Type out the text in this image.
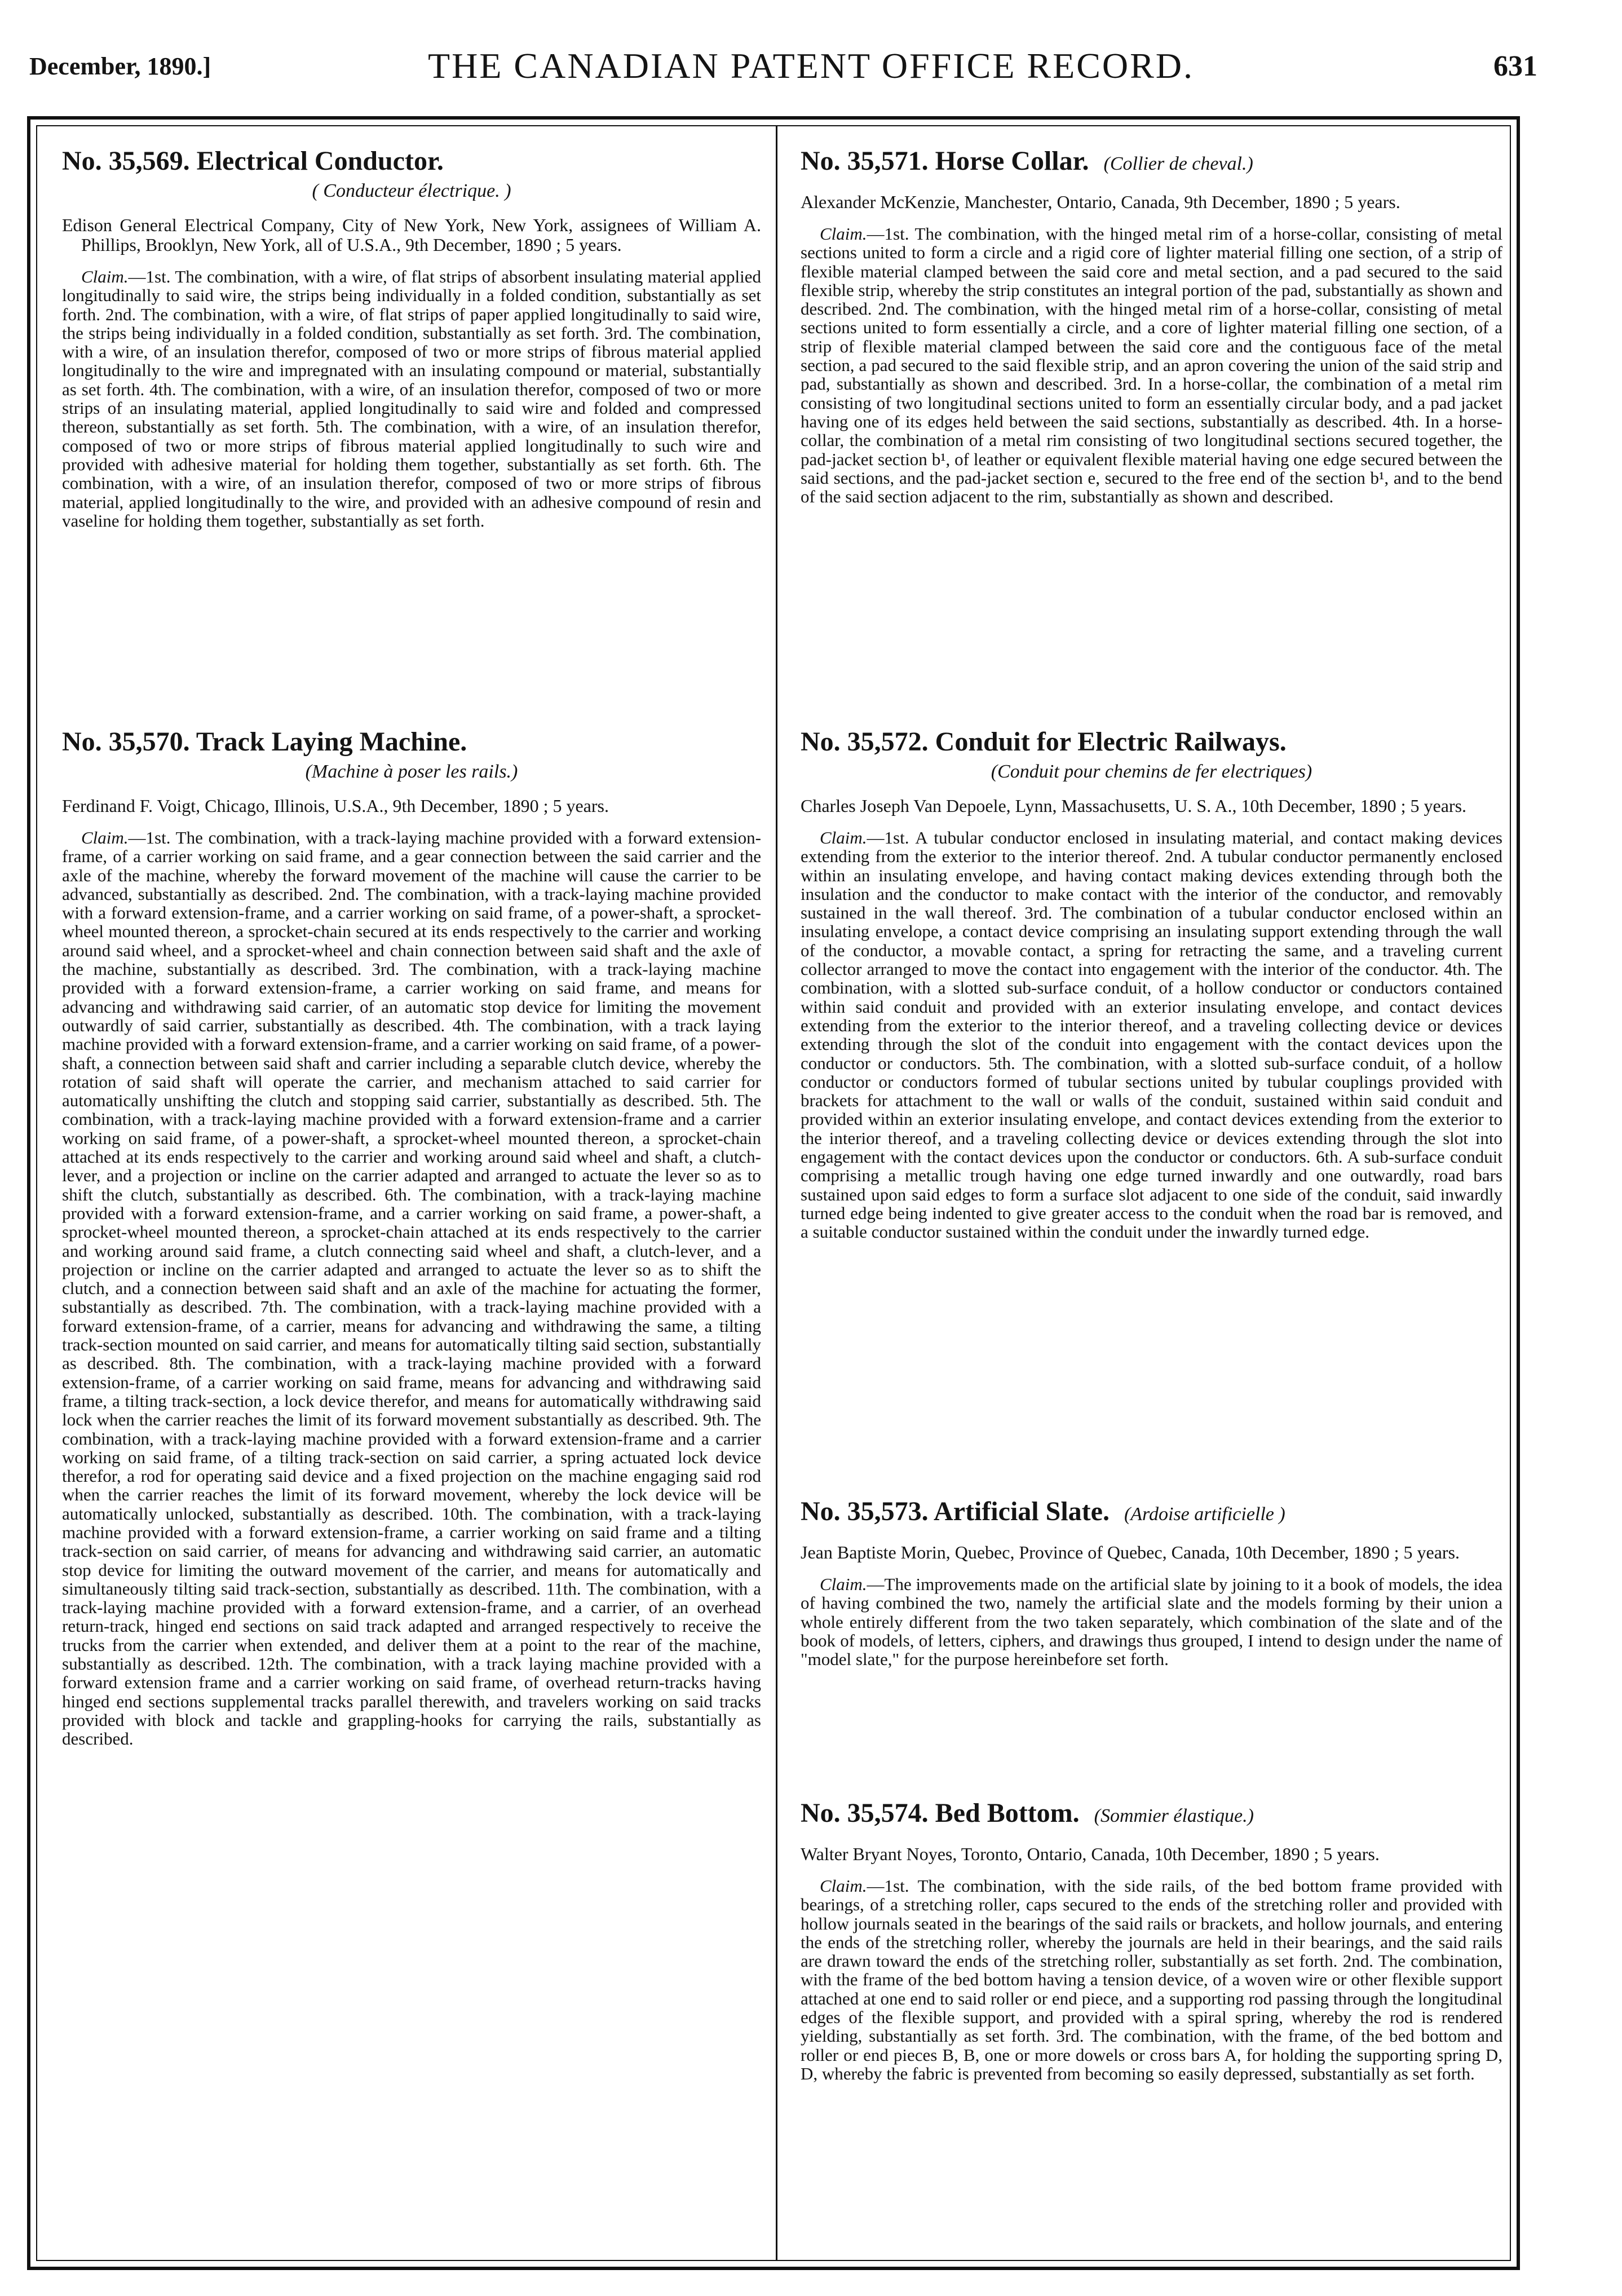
December, 1890.]	THE CANADIAN PATENT OFFICE RECORD.	631
No. 35,569. Electrical Conductor.
( Conducteur électrique. )
Edison General Electrical Company, City of New York, New York, assignees of William A. Phillips, Brooklyn, New York, all of U.S.A., 9th December, 1890 ; 5 years.
Claim.—1st. The combination, with a wire, of flat strips of absorbent insulating material applied longitudinally to said wire, the strips being individually in a folded condition, substantially as set forth. 2nd. The combination, with a wire, of flat strips of paper applied longitudinally to said wire, the strips being individually in a folded condition, substantially as set forth. 3rd. The combination, with a wire, of an insulation therefor, composed of two or more strips of fibrous material applied longitudinally to the wire and impregnated with an insulating compound or material, substantially as set forth. 4th. The combination, with a wire, of an insulation therefor, composed of two or more strips of an insulating material, applied longitudinally to said wire and folded and compressed thereon, substantially as set forth. 5th. The combination, with a wire, of an insulation therefor, composed of two or more strips of fibrous material applied longitudinally to such wire and provided with adhesive material for holding them together, substantially as set forth. 6th. The combination, with a wire, of an insulation therefor, composed of two or more strips of fibrous material, applied longitudinally to the wire, and provided with an adhesive compound of resin and vaseline for holding them together, substantially as set forth.
No. 35,570. Track Laying Machine.
(Machine à poser les rails.)
Ferdinand F. Voigt, Chicago, Illinois, U.S.A., 9th December, 1890 ; 5 years.
Claim.—1st. The combination, with a track-laying machine provided with a forward extension-frame, of a carrier working on said frame, and a gear connection between the said carrier and the axle of the machine, whereby the forward movement of the machine will cause the carrier to be advanced, substantially as described. 2nd. The combination, with a track-laying machine provided with a forward extension-frame, and a carrier working on said frame, of a power-shaft, a sprocket-wheel mounted thereon, a sprocket-chain secured at its ends respectively to the carrier and working around said wheel, and a sprocket-wheel and chain connection between said shaft and the axle of the machine, substantially as described. 3rd. The combination, with a track-laying machine provided with a forward extension-frame, a carrier working on said frame, and means for advancing and withdrawing said carrier, of an automatic stop device for limiting the movement outwardly of said carrier, substantially as described. 4th. The combination, with a track laying machine provided with a forward extension-frame, and a carrier working on said frame, of a power-shaft, a connection between said shaft and carrier including a separable clutch device, whereby the rotation of said shaft will operate the carrier, and mechanism attached to said carrier for automatically unshifting the clutch and stopping said carrier, substantially as described. 5th. The combination, with a track-laying machine provided with a forward extension-frame and a carrier working on said frame, of a power-shaft, a sprocket-wheel mounted thereon, a sprocket-chain attached at its ends respectively to the carrier and working around said wheel and shaft, a clutch-lever, and a projection or incline on the carrier adapted and arranged to actuate the lever so as to shift the clutch, substantially as described. 6th. The combination, with a track-laying machine provided with a forward extension-frame, and a carrier working on said frame, a power-shaft, a sprocket-wheel mounted thereon, a sprocket-chain attached at its ends respectively to the carrier and working around said frame, a clutch connecting said wheel and shaft, a clutch-lever, and a projection or incline on the carrier adapted and arranged to actuate the lever so as to shift the clutch, and a connection between said shaft and an axle of the machine for actuating the former, substantially as described. 7th. The combination, with a track-laying machine provided with a forward extension-frame, of a carrier, means for advancing and withdrawing the same, a tilting track-section mounted on said carrier, and means for automatically tilting said section, substantially as described. 8th. The combination, with a track-laying machine provided with a forward extension-frame, of a carrier working on said frame, means for advancing and withdrawing said frame, a tilting track-section, a lock device therefor, and means for automatically withdrawing said lock when the carrier reaches the limit of its forward movement substantially as described. 9th. The combination, with a track-laying machine provided with a forward extension-frame and a carrier working on said frame, of a tilting track-section on said carrier, a spring actuated lock device therefor, a rod for operating said device and a fixed projection on the machine engaging said rod when the carrier reaches the limit of its forward movement, whereby the lock device will be automatically unlocked, substantially as described. 10th. The combination, with a track-laying machine provided with a forward extension-frame, a carrier working on said frame and a tilting track-section on said carrier, of means for advancing and withdrawing said carrier, an automatic stop device for limiting the outward movement of the carrier, and means for automatically and simultaneously tilting said track-section, substantially as described. 11th. The combination, with a track-laying machine provided with a forward extension-frame, and a carrier, of an overhead return-track, hinged end sections on said track adapted and arranged respectively to receive the trucks from the carrier when extended, and deliver them at a point to the rear of the machine, substantially as described. 12th. The combination, with a track laying machine provided with a forward extension frame and a carrier working on said frame, of overhead return-tracks having hinged end sections supplemental tracks parallel therewith, and travelers working on said tracks provided with block and tackle and grappling-hooks for carrying the rails, substantially as described.
No. 35,571. Horse Collar. (Collier de cheval.)
Alexander McKenzie, Manchester, Ontario, Canada, 9th December, 1890 ; 5 years.
Claim.—1st. The combination, with the hinged metal rim of a horse-collar, consisting of metal sections united to form a circle and a rigid core of lighter material filling one section, of a strip of flexible material clamped between the said core and metal section, and a pad secured to the said flexible strip, whereby the strip constitutes an integral portion of the pad, substantially as shown and described. 2nd. The combination, with the hinged metal rim of a horse-collar, consisting of metal sections united to form essentially a circle, and a core of lighter material filling one section, of a strip of flexible material clamped between the said core and the contiguous face of the metal section, a pad secured to the said flexible strip, and an apron covering the union of the said strip and pad, substantially as shown and described. 3rd. In a horse-collar, the combination of a metal rim consisting of two longitudinal sections united to form an essentially circular body, and a pad jacket having one of its edges held between the said sections, substantially as described. 4th. In a horse-collar, the combination of a metal rim consisting of two longitudinal sections secured together, the pad-jacket section b¹, of leather or equivalent flexible material having one edge secured between the said sections, and the pad-jacket section e, secured to the free end of the section b¹, and to the bend of the said section adjacent to the rim, substantially as shown and described.
No. 35,572. Conduit for Electric Railways.
(Conduit pour chemins de fer electriques)
Charles Joseph Van Depoele, Lynn, Massachusetts, U. S. A., 10th December, 1890 ; 5 years.
Claim.—1st. A tubular conductor enclosed in insulating material, and contact making devices extending from the exterior to the interior thereof. 2nd. A tubular conductor permanently enclosed within an insulating envelope, and having contact making devices extending through both the insulation and the conductor to make contact with the interior of the conductor, and removably sustained in the wall thereof. 3rd. The combination of a tubular conductor enclosed within an insulating envelope, a contact device comprising an insulating support extending through the wall of the conductor, a movable contact, a spring for retracting the same, and a traveling current collector arranged to move the contact into engagement with the interior of the conductor. 4th. The combination, with a slotted sub-surface conduit, of a hollow conductor or conductors contained within said conduit and provided with an exterior insulating envelope, and contact devices extending from the exterior to the interior thereof, and a traveling collecting device or devices extending through the slot of the conduit into engagement with the contact devices upon the conductor or conductors. 5th. The combination, with a slotted sub-surface conduit, of a hollow conductor or conductors formed of tubular sections united by tubular couplings provided with brackets for attachment to the wall or walls of the conduit, sustained within said conduit and provided within an exterior insulating envelope, and contact devices extending from the exterior to the interior thereof, and a traveling collecting device or devices extending through the slot into engagement with the contact devices upon the conductor or conductors. 6th. A sub-surface conduit comprising a metallic trough having one edge turned inwardly and one outwardly, road bars sustained upon said edges to form a surface slot adjacent to one side of the conduit, said inwardly turned edge being indented to give greater access to the conduit when the road bar is removed, and a suitable conductor sustained within the conduit under the inwardly turned edge.
No. 35,573. Artificial Slate. (Ardoise artificielle )
Jean Baptiste Morin, Quebec, Province of Quebec, Canada, 10th December, 1890 ; 5 years.
Claim.—The improvements made on the artificial slate by joining to it a book of models, the idea of having combined the two, namely the artificial slate and the models forming by their union a whole entirely different from the two taken separately, which combination of the slate and of the book of models, of letters, ciphers, and drawings thus grouped, I intend to design under the name of "model slate," for the purpose hereinbefore set forth.
No. 35,574. Bed Bottom. (Sommier élastique.)
Walter Bryant Noyes, Toronto, Ontario, Canada, 10th December, 1890 ; 5 years.
Claim.—1st. The combination, with the side rails, of the bed bottom frame provided with bearings, of a stretching roller, caps secured to the ends of the stretching roller and provided with hollow journals seated in the bearings of the said rails or brackets, and hollow journals, and entering the ends of the stretching roller, whereby the journals are held in their bearings, and the said rails are drawn toward the ends of the stretching roller, substantially as set forth. 2nd. The combination, with the frame of the bed bottom having a tension device, of a woven wire or other flexible support attached at one end to said roller or end piece, and a supporting rod passing through the longitudinal edges of the flexible support, and provided with a spiral spring, whereby the rod is rendered yielding, substantially as set forth. 3rd. The combination, with the frame, of the bed bottom and roller or end pieces B, B, one or more dowels or cross bars A, for holding the supporting spring D, D, whereby the fabric is prevented from becoming so easily depressed, substantially as set forth.
